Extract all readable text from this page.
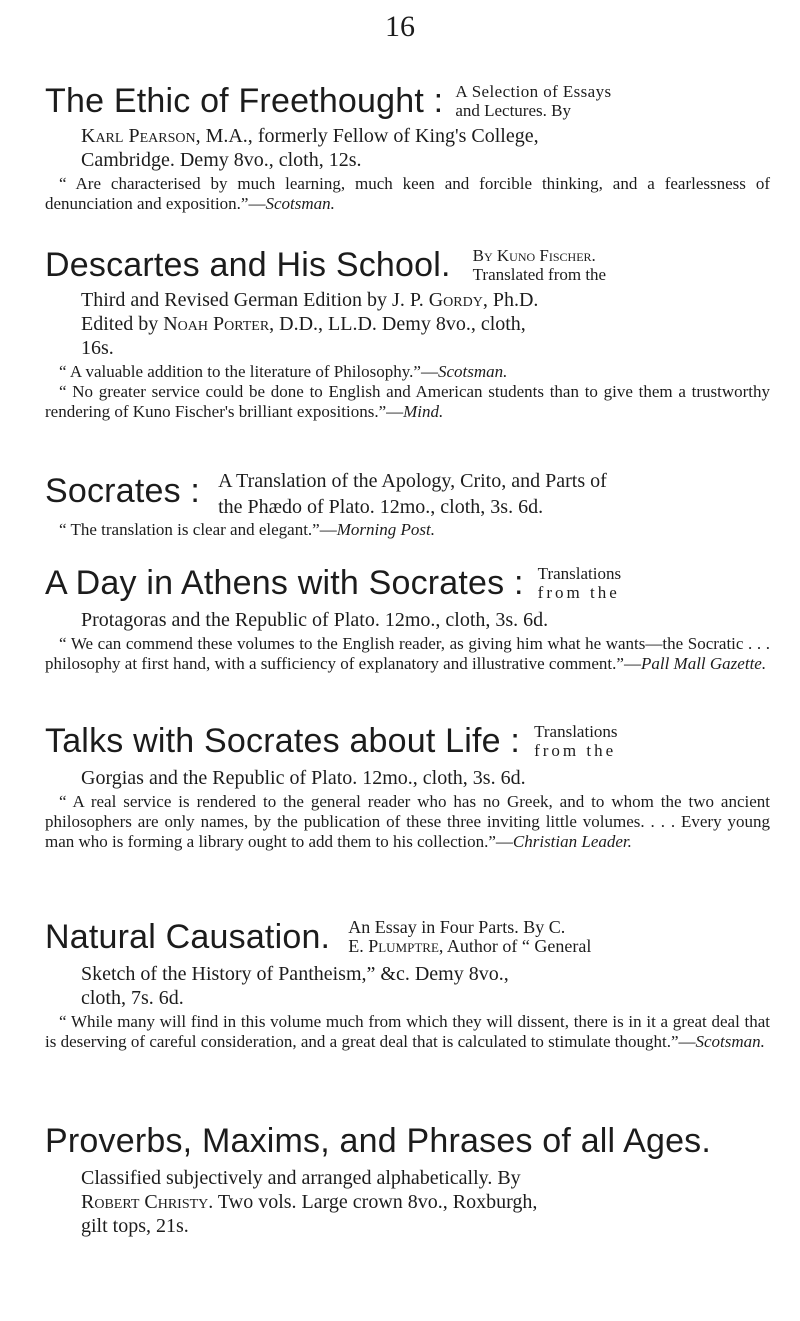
16
The Ethic of Freethought : A Selection of Essays
and Lectures. By
Karl Pearson, M.A., formerly Fellow of King's College,
Cambridge. Demy 8vo., cloth, 12s.
“ Are characterised by much learning, much keen and forcible thinking, and a fearlessness of denunciation and exposition.”—Scotsman.
Descartes and His School. By Kuno Fischer.
Translated from the
Third and Revised German Edition by J. P. Gordy, Ph.D.
Edited by Noah Porter, D.D., LL.D. Demy 8vo., cloth,
16s.
“ A valuable addition to the literature of Philosophy.”—Scotsman.
“ No greater service could be done to English and American students than to give them a trustworthy rendering of Kuno Fischer's brilliant expositions.”—Mind.
Socrates : A Translation of the Apology, Crito, and Parts of
the Phædo of Plato. 12mo., cloth, 3s. 6d.
“ The translation is clear and elegant.”—Morning Post.
A Day in Athens with Socrates : Translations
from the
Protagoras and the Republic of Plato. 12mo., cloth, 3s. 6d.
“ We can commend these volumes to the English reader, as giving him what he wants—the Socratic . . . philosophy at first hand, with a sufficiency of explanatory and illustrative comment.”—Pall Mall Gazette.
Talks with Socrates about Life : Translations
from the
Gorgias and the Republic of Plato. 12mo., cloth, 3s. 6d.
“ A real service is rendered to the general reader who has no Greek, and to whom the two ancient philosophers are only names, by the publication of these three inviting little volumes. . . . Every young man who is forming a library ought to add them to his collection.”—Christian Leader.
Natural Causation. An Essay in Four Parts. By C.
E. Plumptre, Author of “ General
Sketch of the History of Pantheism,” &c. Demy 8vo.,
cloth, 7s. 6d.
“ While many will find in this volume much from which they will dissent, there is in it a great deal that is deserving of careful consideration, and a great deal that is calculated to stimulate thought.”—Scotsman.
Proverbs, Maxims, and Phrases of all Ages.
Classified subjectively and arranged alphabetically. By
Robert Christy. Two vols. Large crown 8vo., Roxburgh,
gilt tops, 21s.
